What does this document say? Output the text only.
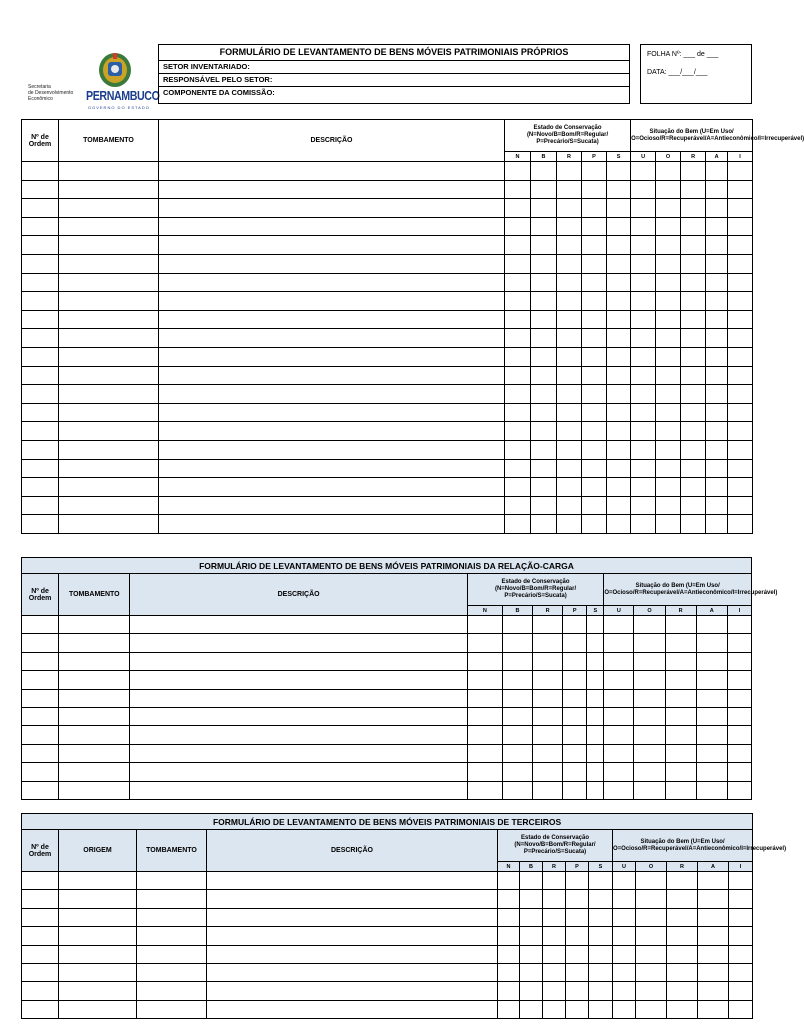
Secretaria
de Desenvolvimento
Econômico	PERNAMBUCO
GOVERNO DO ESTADO
FORMULÁRIO DE LEVANTAMENTO DE BENS MÓVEIS PATRIMONIAIS PRÓPRIOS
SETOR INVENTARIADO:
RESPONSÁVEL PELO SETOR:
COMPONENTE DA COMISSÃO:
FOLHA Nº: ___ de ___
DATA: ___/___/___
Nº de Ordem	TOMBAMENTO	DESCRIÇÃO	Estado de Conservação (N=Novo/B=Bom/R=Regular/ P=Precário/S=Sucata)					Situação do Bem (U=Em Uso/ O=Ocioso/R=Recuperável/A=Antieconômico/I=Irrecuperável)				
			N	B	R	P	S	U	O	R	A	I

FORMULÁRIO DE LEVANTAMENTO DE BENS MÓVEIS PATRIMONIAIS DA RELAÇÃO-CARGA												
Nº de Ordem	TOMBAMENTO	DESCRIÇÃO	Estado de Conservação (N=Novo/B=Bom/R=Regular/ P=Precário/S=Sucata)					Situação do Bem (U=Em Uso/ O=Ocioso/R=Recuperável/A=Antieconômico/I=Irrecuperável)				
			N	B	R	P	S	U	O	R	A	I

FORMULÁRIO DE LEVANTAMENTO DE BENS MÓVEIS PATRIMONIAIS DE TERCEIROS													
Nº de Ordem	ORIGEM	TOMBAMENTO	DESCRIÇÃO	Estado de Conservação (N=Novo/B=Bom/R=Regular/ P=Precário/S=Sucata)					Situação do Bem (U=Em Uso/ O=Ocioso/R=Recuperável/A=Antieconômico/I=Irrecuperável)				
				N	B	R	P	S	U	O	R	A	I
